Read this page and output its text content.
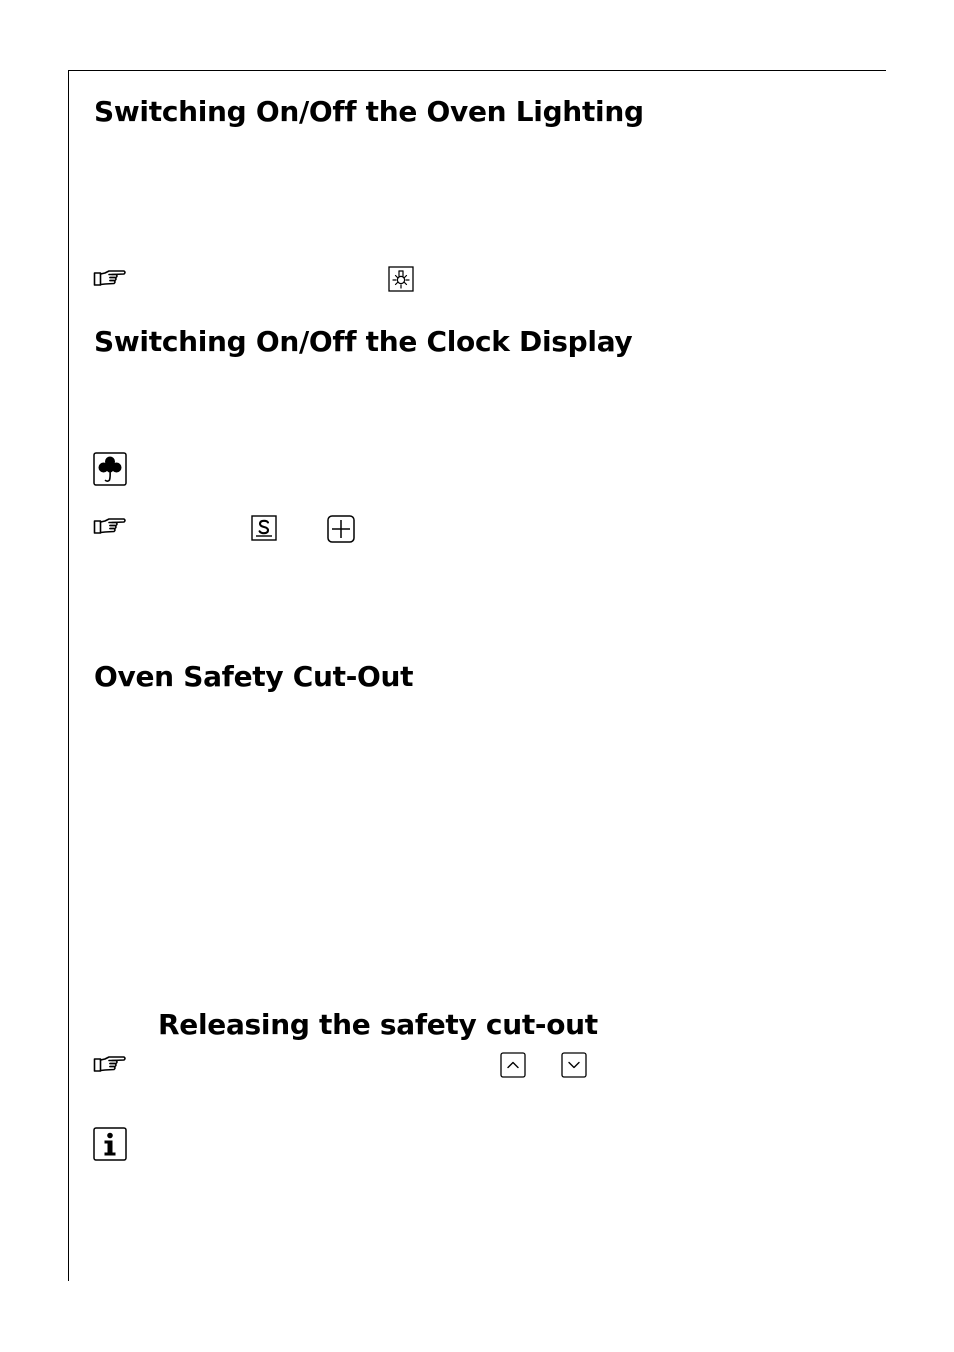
Switching On/Off the Oven Lighting
Switching On/Off the Clock Display
Oven Safety Cut-Out
Releasing the safety cut-out
